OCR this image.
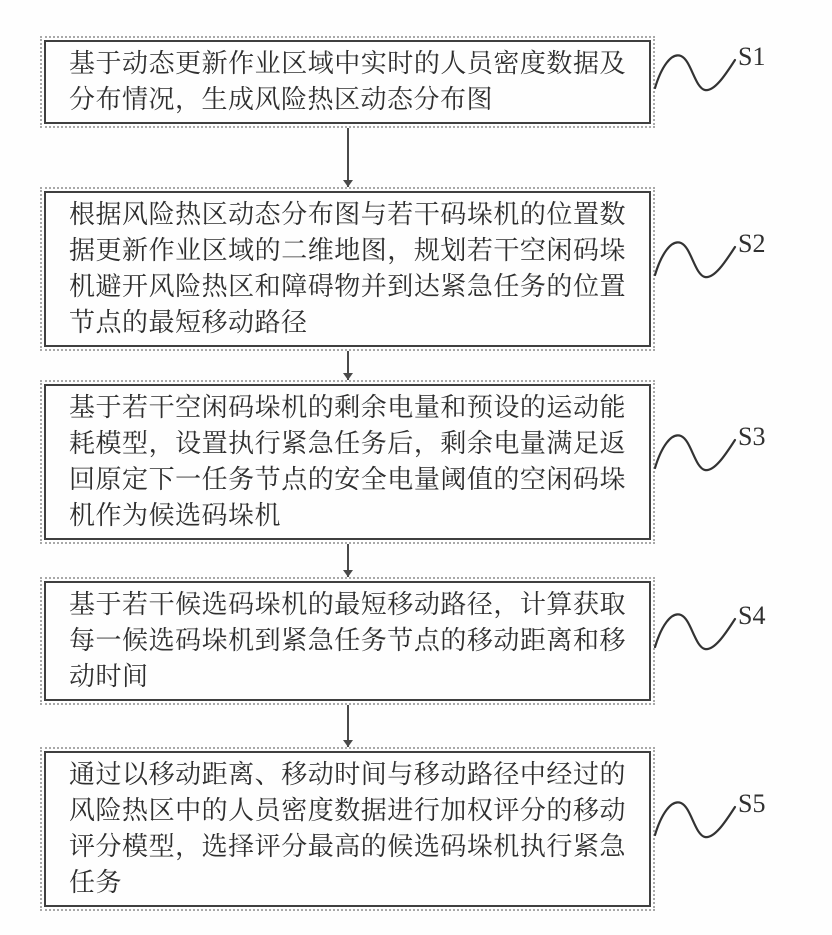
基于动态更新作业区域中实时的人员密度数据及分布情况，生成风险热区动态分布图

S1

根据风险热区动态分布图与若干码垛机的位置数据更新作业区域的二维地图，规划若干空闲码垛机避开风险热区和障碍物并到达紧急任务的位置节点的最短移动路径

S2

基于若干空闲码垛机的剩余电量和预设的运动能耗模型，设置执行紧急任务后，剩余电量满足返回原定下一任务节点的安全电量阈值的空闲码垛机作为候选码垛机

S3

基于若干候选码垛机的最短移动路径，计算获取每一候选码垛机到紧急任务节点的移动距离和移动时间

S4

通过以移动距离、移动时间与移动路径中经过的风险热区中的人员密度数据进行加权评分的移动评分模型，选择评分最高的候选码垛机执行紧急任务

S5
